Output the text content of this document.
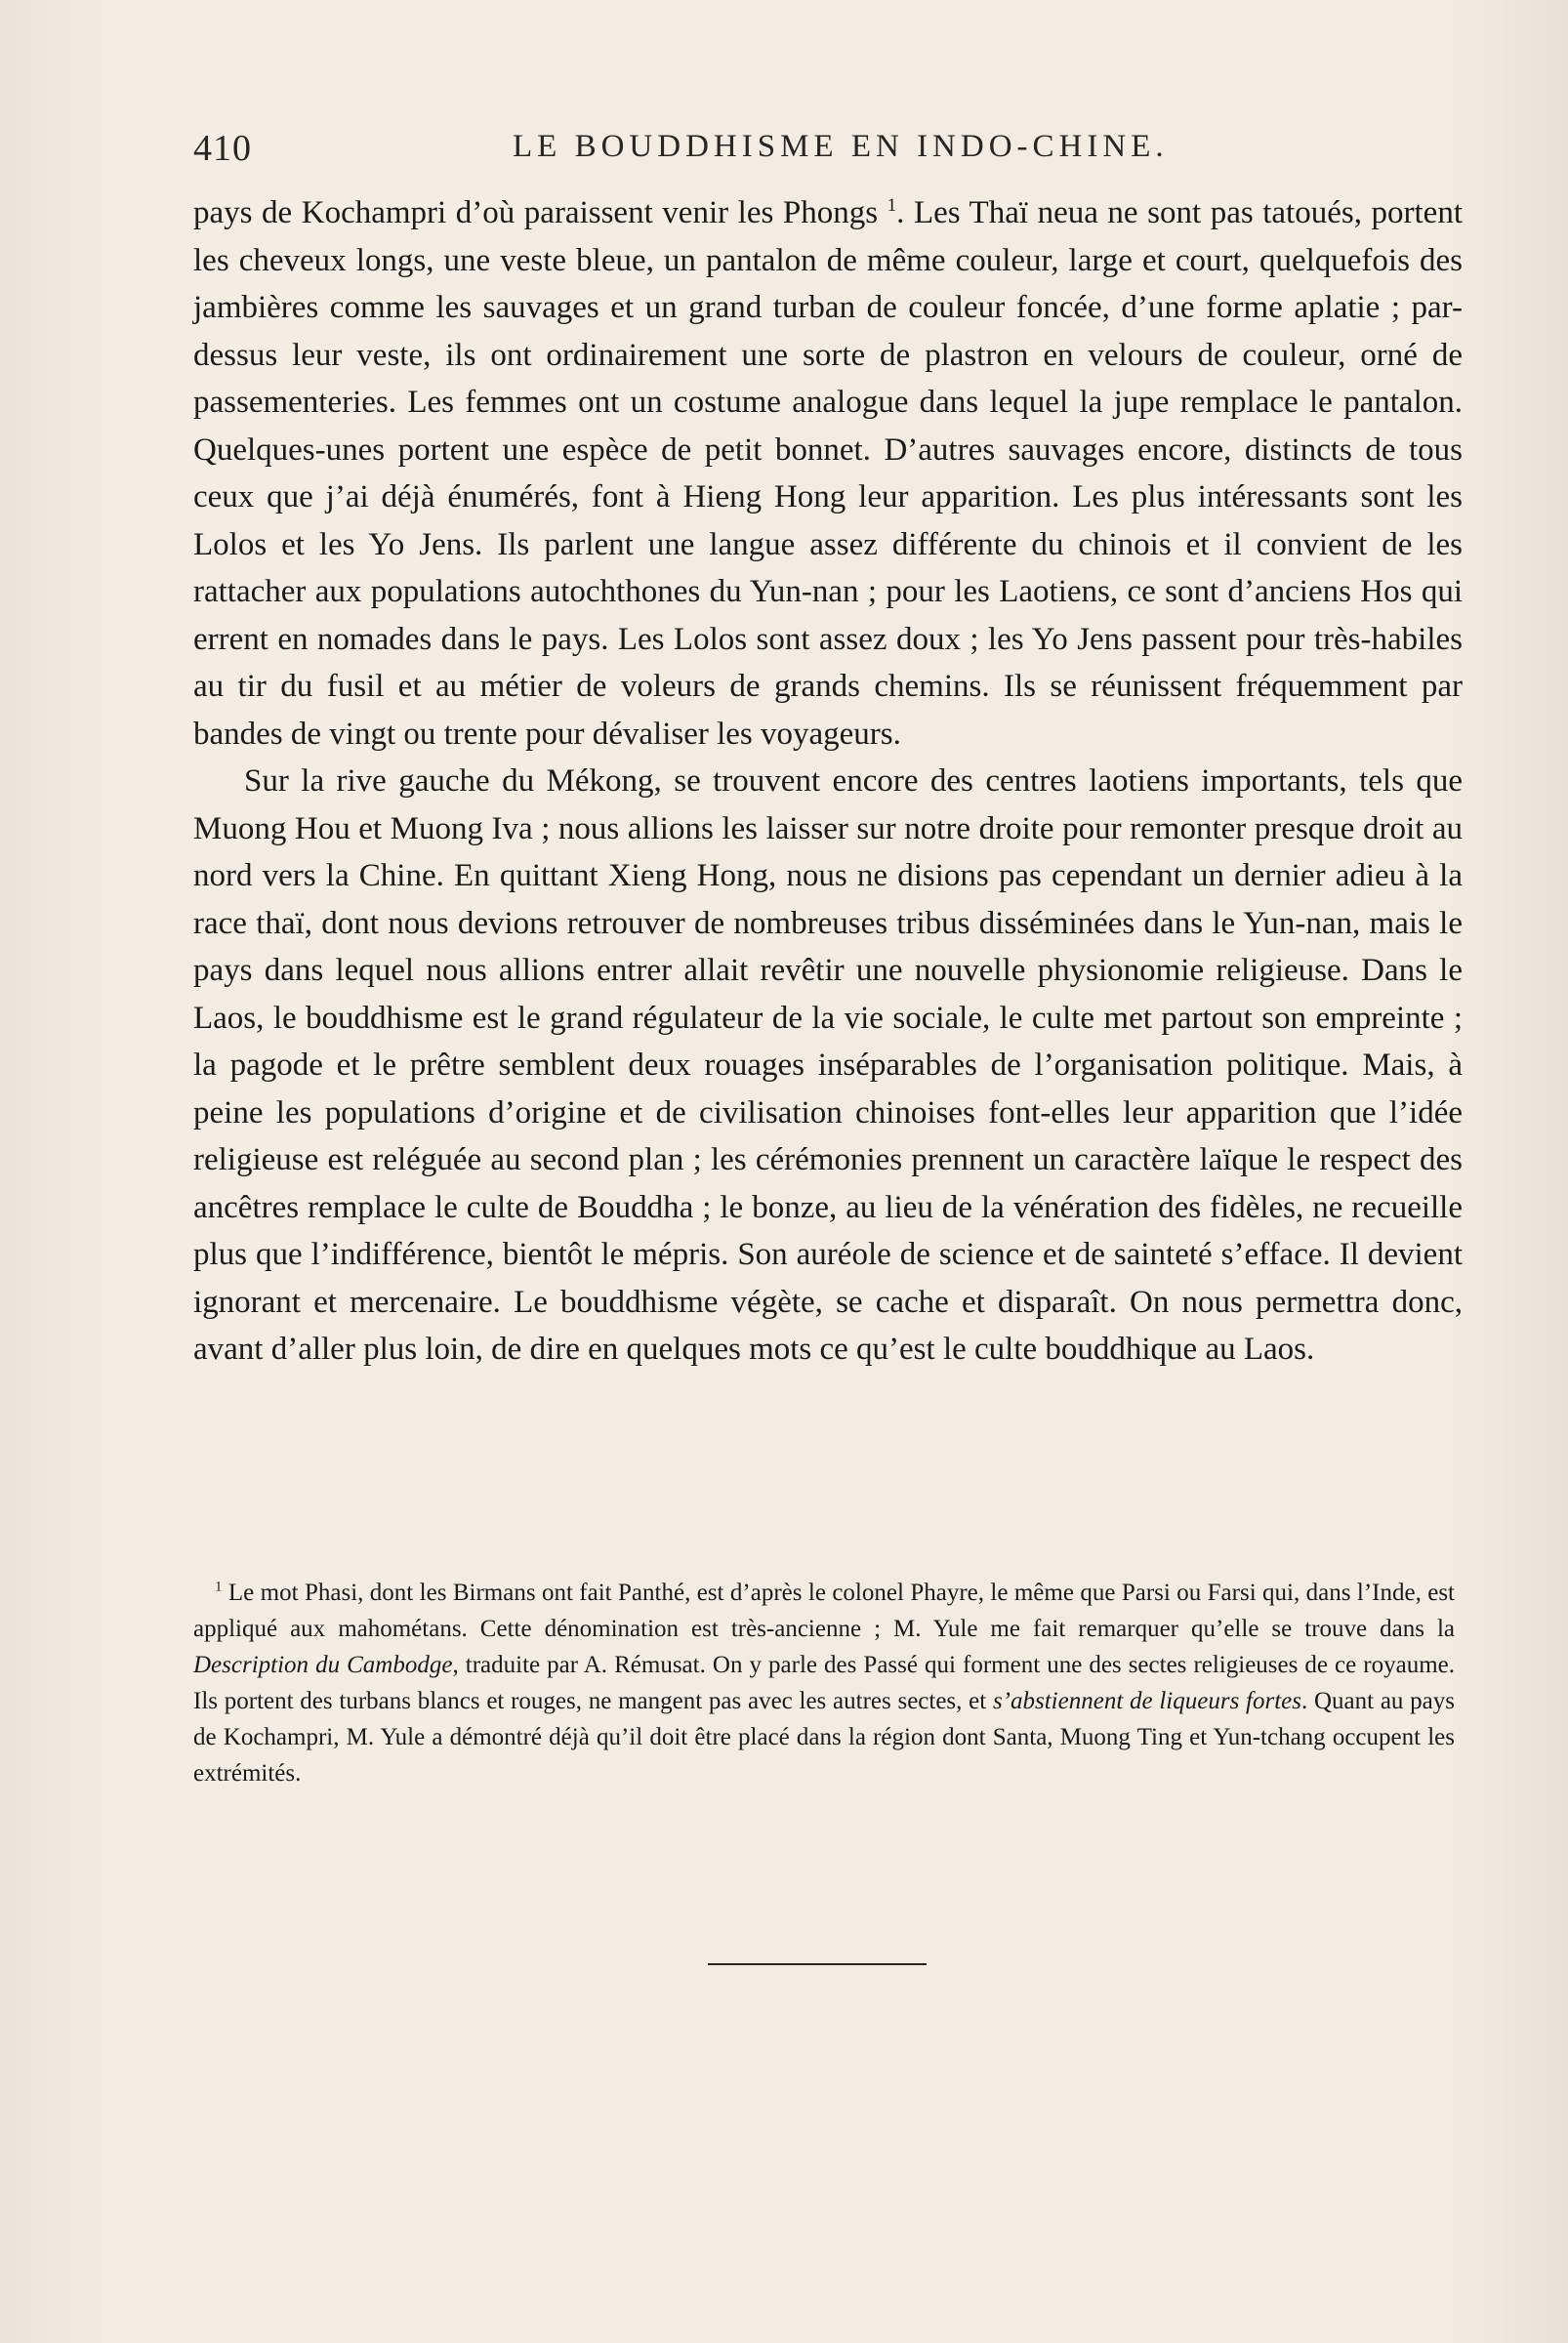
410	LE BOUDDHISME EN INDO-CHINE.

pays de Kochampri d’où paraissent venir les Phongs $^1$. Les Thaï neua ne sont pas tatoués, portent les cheveux longs, une veste bleue, un pantalon de même couleur, large et court, quelquefois des jambières comme les sauvages et un grand turban de couleur foncée, d’une forme aplatie ; par-dessus leur veste, ils ont ordinairement une sorte de plastron en velours de couleur, orné de passementeries. Les femmes ont un costume analogue dans lequel la jupe remplace le pantalon. Quelques-unes portent une espèce de petit bonnet. D’autres sauvages encore, distincts de tous ceux que j’ai déjà énumérés, font à Hieng Hong leur apparition. Les plus intéressants sont les Lolos et les Yo Jens. Ils parlent une langue assez différente du chinois et il convient de les rattacher aux populations autochthones du Yun-nan ; pour les Laotiens, ce sont d’anciens Hos qui errent en nomades dans le pays. Les Lolos sont assez doux ; les Yo Jens passent pour très-habiles au tir du fusil et au métier de voleurs de grands chemins. Ils se réunissent fréquemment par bandes de vingt ou trente pour dévaliser les voyageurs.

Sur la rive gauche du Mékong, se trouvent encore des centres laotiens importants, tels que Muong Hou et Muong Iva ; nous allions les laisser sur notre droite pour remonter presque droit au nord vers la Chine. En quittant Xieng Hong, nous ne disions pas cependant un dernier adieu à la race thaï, dont nous devions retrouver de nombreuses tribus disséminées dans le Yun-nan, mais le pays dans lequel nous allions entrer allait revêtir une nouvelle physionomie religieuse. Dans le Laos, le bouddhisme est le grand régulateur de la vie sociale, le culte met partout son empreinte ; la pagode et le prêtre semblent deux rouages inséparables de l’organisation politique. Mais, à peine les populations d’origine et de civilisation chinoises font-elles leur apparition que l’idée religieuse est reléguée au second plan ; les cérémonies prennent un caractère laïque le respect des ancêtres remplace le culte de Bouddha ; le bonze, au lieu de la vénération des fidèles, ne recueille plus que l’indifférence, bientôt le mépris. Son auréole de science et de sainteté s’efface. Il devient ignorant et mercenaire. Le bouddhisme végète, se cache et disparaît. On nous permettra donc, avant d’aller plus loin, de dire en quelques mots ce qu’est le culte bouddhique au Laos.

$^1$ Le mot Phasi, dont les Birmans ont fait Panthé, est d’après le colonel Phayre, le même que Parsi ou Farsi qui, dans l’Inde, est appliqué aux mahométans. Cette dénomination est très-ancienne ; M. Yule me fait remarquer qu’elle se trouve dans la Description du Cambodge, traduite par A. Rémusat. On y parle des Passé qui forment une des sectes religieuses de ce royaume. Ils portent des turbans blancs et rouges, ne mangent pas avec les autres sectes, et s’abstiennent de liqueurs fortes. Quant au pays de Kochampri, M. Yule a démontré déjà qu’il doit être placé dans la région dont Santa, Muong Ting et Yun-tchang occupent les extrémités.
